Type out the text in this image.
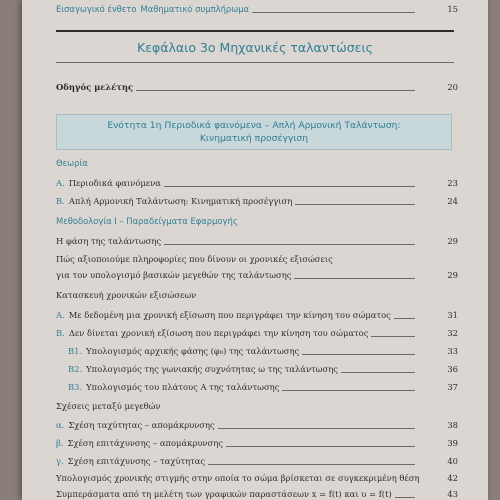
Εισαγωγικό ένθετο Μαθηματικό συμπλήρωμα	15
Κεφάλαιο 3ο Μηχανικές ταλαντώσεις
Οδηγός μελέτης	20
Ενότητα 1η Περιοδικά φαινόμενα – Απλή Αρμονική Ταλάντωση:
Κινηματική προσέγγιση
Θεωρία
Α. Περιοδικά φαινόμενα	23
Β. Απλή Αρμονική Ταλάντωση: Κινηματική προσέγγιση	24
Μεθοδολογία Ι – Παραδείγματα Εφαρμογής
Η φάση της ταλάντωσης	29
Πώς αξιοποιούμε πληροφορίες που δίνουν οι χρονικές εξισώσεις
για τον υπολογισμό βασικών μεγεθών της ταλάντωσης	29
Κατασκευή χρονικών εξισώσεων
Α. Με δεδομένη μια χρονική εξίσωση που περιγράφει την κίνηση του σώματος	31
Β. Δεν δίνεται χρονική εξίσωση που περιγράφει την κίνηση του σώματος	32
Β1. Υπολογισμός αρχικής φάσης (φ₀) της ταλάντωσης	33
Β2. Υπολογισμός της γωνιακής συχνότητας ω της ταλάντωσης	36
Β3. Υπολογισμός του πλάτους Α της ταλάντωσης	37
Σχέσεις μεταξύ μεγεθών
α. Σχέση ταχύτητας – απομάκρυνσης	38
β. Σχέση επιτάχυνσης – απομάκρυνσης	39
γ. Σχέση επιτάχυνσης – ταχύτητας	40
Υπολογισμός χρονικής στιγμής στην οποία το σώμα βρίσκεται σε συγκεκριμένη θέση	42
Συμπεράσματα από τη μελέτη των γραφικών παραστάσεων x = f(t) και υ = f(t)	43
